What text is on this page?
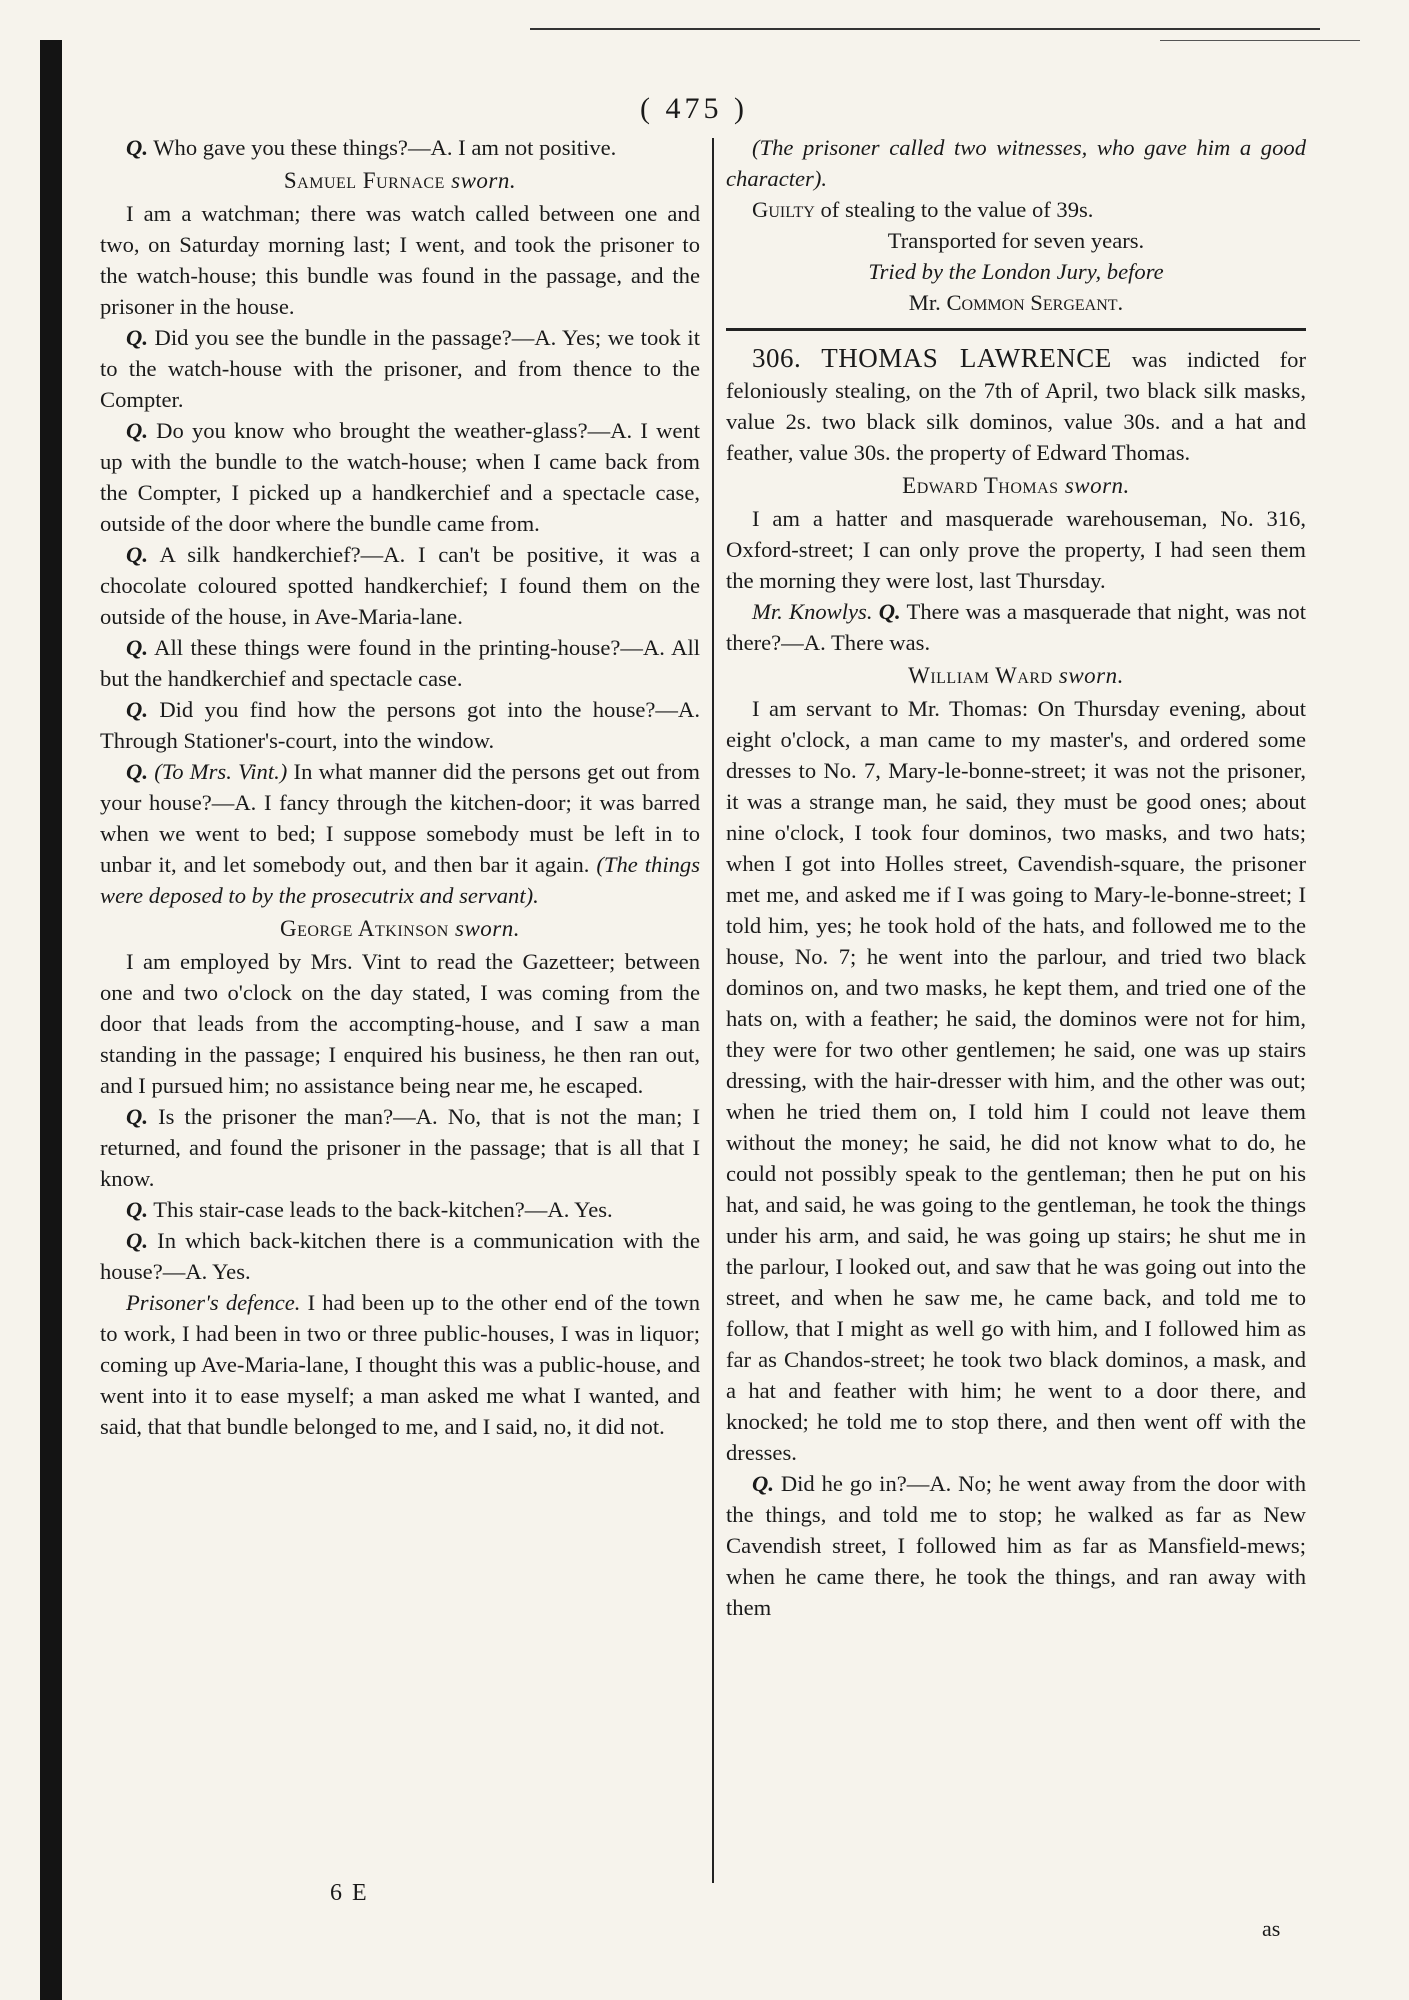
( 475 )

Q. Who gave you these things?—A. I am not positive.

Samuel Furnace sworn.

I am a watchman; there was watch called between one and two, on Saturday morning last; I went, and took the prisoner to the watch-house; this bundle was found in the passage, and the prisoner in the house.

Q. Did you see the bundle in the passage?—A. Yes; we took it to the watch-house with the prisoner, and from thence to the Compter.

Q. Do you know who brought the weather-glass?—A. I went up with the bundle to the watch-house; when I came back from the Compter, I picked up a handkerchief and a spectacle case, outside of the door where the bundle came from.

Q. A silk handkerchief?—A. I can't be positive, it was a chocolate coloured spotted handkerchief; I found them on the outside of the house, in Ave-Maria-lane.

Q. All these things were found in the printing-house?—A. All but the handkerchief and spectacle case.

Q. Did you find how the persons got into the house?—A. Through Stationer's-court, into the window.

Q. (To Mrs. Vint.) In what manner did the persons get out from your house?—A. I fancy through the kitchen-door; it was barred when we went to bed; I suppose somebody must be left in to unbar it, and let somebody out, and then bar it again. (The things were deposed to by the prosecutrix and servant).

George Atkinson sworn.

I am employed by Mrs. Vint to read the Gazetteer; between one and two o'clock on the day stated, I was coming from the door that leads from the accompting-house, and I saw a man standing in the passage; I enquired his business, he then ran out, and I pursued him; no assistance being near me, he escaped.

Q. Is the prisoner the man?—A. No, that is not the man; I returned, and found the prisoner in the passage; that is all that I know.

Q. This stair-case leads to the back-kitchen?—A. Yes.

Q. In which back-kitchen there is a communication with the house?—A. Yes.

Prisoner's defence. I had been up to the other end of the town to work, I had been in two or three public-houses, I was in liquor; coming up Ave-Maria-lane, I thought this was a public-house, and went into it to ease myself; a man asked me what I wanted, and said, that that bundle belonged to me, and I said, no, it did not.

(The prisoner called two witnesses, who gave him a good character).

Guilty of stealing to the value of 39s.

Transported for seven years.

Tried by the London Jury, before

Mr. Common Sergeant.

306. THOMAS LAWRENCE was indicted for feloniously stealing, on the 7th of April, two black silk masks, value 2s. two black silk dominos, value 30s. and a hat and feather, value 30s. the property of Edward Thomas.

Edward Thomas sworn.

I am a hatter and masquerade warehouseman, No. 316, Oxford-street; I can only prove the property, I had seen them the morning they were lost, last Thursday.

Mr. Knowlys. Q. There was a masquerade that night, was not there?—A. There was.

William Ward sworn.

I am servant to Mr. Thomas: On Thursday evening, about eight o'clock, a man came to my master's, and ordered some dresses to No. 7, Mary-le-bonne-street; it was not the prisoner, it was a strange man, he said, they must be good ones; about nine o'clock, I took four dominos, two masks, and two hats; when I got into Holles street, Cavendish-square, the prisoner met me, and asked me if I was going to Mary-le-bonne-street; I told him, yes; he took hold of the hats, and followed me to the house, No. 7; he went into the parlour, and tried two black dominos on, and two masks, he kept them, and tried one of the hats on, with a feather; he said, the dominos were not for him, they were for two other gentlemen; he said, one was up stairs dressing, with the hair-dresser with him, and the other was out; when he tried them on, I told him I could not leave them without the money; he said, he did not know what to do, he could not possibly speak to the gentleman; then he put on his hat, and said, he was going to the gentleman, he took the things under his arm, and said, he was going up stairs; he shut me in the parlour, I looked out, and saw that he was going out into the street, and when he saw me, he came back, and told me to follow, that I might as well go with him, and I followed him as far as Chandos-street; he took two black dominos, a mask, and a hat and feather with him; he went to a door there, and knocked; he told me to stop there, and then went off with the dresses.

Q. Did he go in?—A. No; he went away from the door with the things, and told me to stop; he walked as far as New Cavendish street, I followed him as far as Mansfield-mews; when he came there, he took the things, and ran away with them

6 E
as
